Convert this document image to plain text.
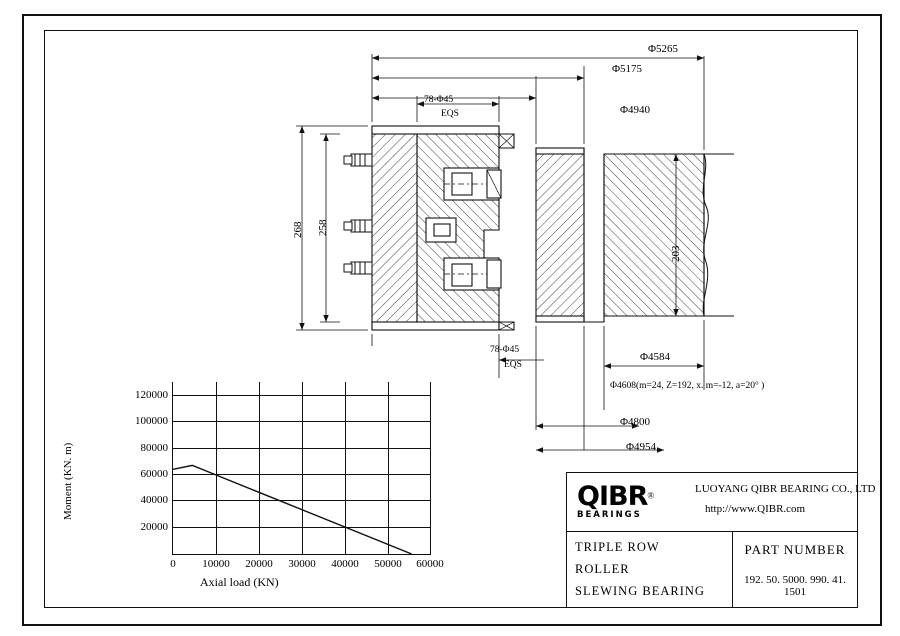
Φ5265
Φ5175
Φ4940
78-Φ45
EQS
268 258
203
78-Φ45
EQS
Φ4584
Φ4608(m=24, Z=192, x. m=-12, a=20° )
Φ4800
Φ4954
Moment (KN. m)
Axial load (KN)
20000
40000
60000
80000
100000
120000
0 10000 20000 30000 40000 50000 60000
QIBR®
BEARINGS
LUOYANG QIBR BEARING CO., LTD
http://www.QIBR.com
TRIPLE ROW
ROLLER
SLEWING BEARING
PART NUMBER
192. 50. 5000. 990. 41. 1501
